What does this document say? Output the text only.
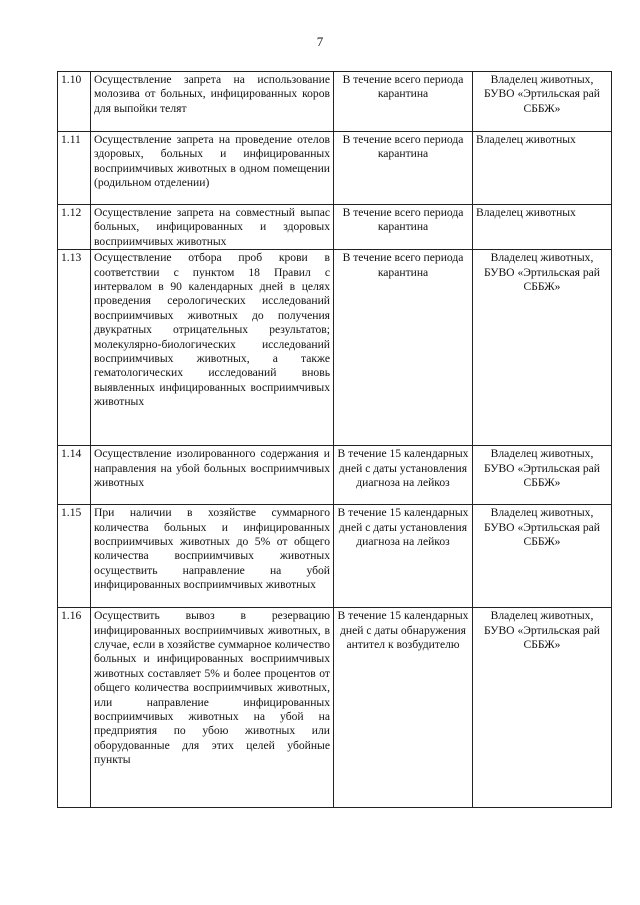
7
1.10	Осуществление запрета на использование молозива от больных, инфицированных коров для выпойки телят	В течение всего периода карантина	Владелец животных, БУВО «Эртильская рай СББЖ»
1.11	Осуществление запрета на проведение отелов здоровых, больных и инфицированных восприимчивых животных в одном помещении (родильном отделении)	В течение всего периода карантина	Владелец животных
1.12	Осуществление запрета на совместный выпас больных, инфицированных и здоровых восприимчивых животных	В течение всего периода карантина	Владелец животных
1.13	Осуществление отбора проб крови в соответствии с пунктом 18 Правил с интервалом в 90 календарных дней в целях проведения серологических исследований восприимчивых животных до получения двукратных отрицательных результатов; молекулярно-биологических исследований восприимчивых животных, а также гематологических исследований вновь выявленных инфицированных восприимчивых животных	В течение всего периода карантина	Владелец животных, БУВО «Эртильская рай СББЖ»
1.14	Осуществление изолированного содержания и направления на убой больных восприимчивых животных	В течение 15 календарных дней с даты установления диагноза на лейкоз	Владелец животных, БУВО «Эртильская рай СББЖ»
1.15	При наличии в хозяйстве суммарного количества больных и инфицированных восприимчивых животных до 5% от общего количества восприимчивых животных осуществить направление на убой инфицированных восприимчивых животных	В течение 15 календарных дней с даты установления диагноза на лейкоз	Владелец животных, БУВО «Эртильская рай СББЖ»
1.16	Осуществить вывоз в резервацию инфицированных восприимчивых животных, в случае, если в хозяйстве суммарное количество больных и инфицированных восприимчивых животных составляет 5% и более процентов от общего количества восприимчивых животных, или направление инфицированных восприимчивых животных на убой на предприятия по убою животных или оборудованные для этих целей убойные пункты	В течение 15 календарных дней с даты обнаружения антител к возбудителю	Владелец животных, БУВО «Эртильская рай СББЖ»
